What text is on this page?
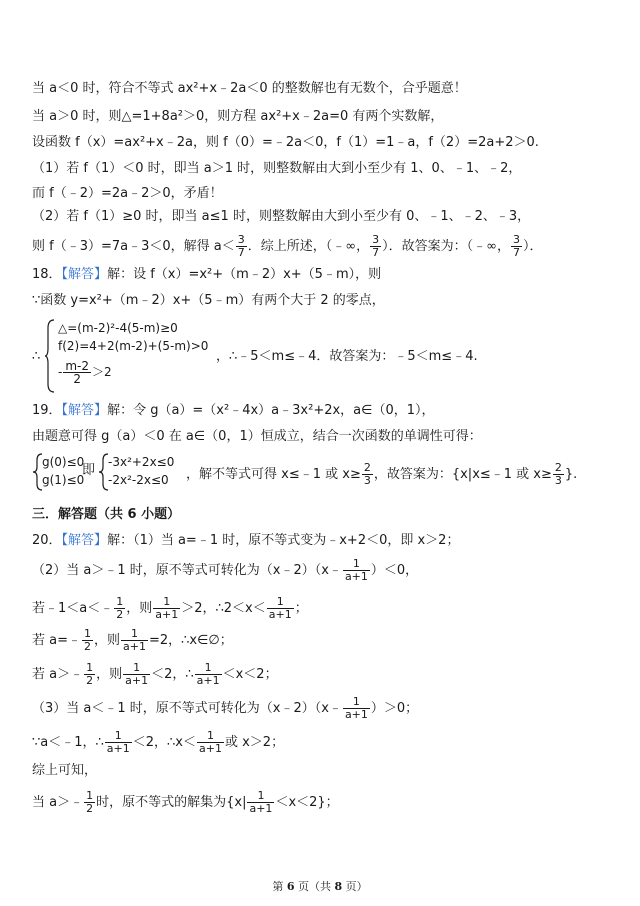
当 a＜0 时，符合不等式 ax²+x﹣2a＜0 的整数解也有无数个，合乎题意！
当 a＞0 时，则△=1+8a²＞0，则方程 ax²+x﹣2a=0 有两个实数解，
设函数 f（x）=ax²+x﹣2a，则 f（0）=﹣2a＜0，f（1）=1﹣a，f（2）=2a+2＞0.
（1）若 f（1）＜0 时，即当 a＞1 时，则整数解由大到小至少有 1、0、﹣1、﹣2，
而 f（﹣2）=2a﹣2＞0，矛盾！
（2）若 f（1）≥0 时，即当 a≤1 时，则整数解由大到小至少有 0、﹣1、﹣2、﹣3，
则 f（﹣3）=7a﹣3＜0，解得 $a< \frac{3}{7}$ ．综上所述，（﹣∞， $\frac{3}{7}$ ）．故答案为：（﹣∞， $\frac{3}{7}$ ）．
18．【解答】解：设 f（x）=x²+（m﹣2）x+（5﹣m），则
∵函数 y=x²+（m﹣2）x+（5﹣m）有两个大于 2 的零点，
∴
△=(m-2)²-4(5-m)≥0
f(2)=4+2(m-2)+(5-m)>0
- $\frac{m-2}{2} >2$
，∴﹣5＜m≤﹣4．故答案为：﹣5＜m≤﹣4.
19．【解答】解：令 g（a）=（x²﹣4x）a﹣3x²+2x，a∈（0，1），
由题意可得 g（a）＜0 在 a∈（0，1）恒成立，结合一次函数的单调性可得：
g(0)≤0
g(1)≤0
即
-3x²+2x≤0
-2x²-2x≤0 ，解不等式可得 x≤﹣1 或 $x\ge \frac{2}{3}$ ，故答案为：{x|x≤﹣1 或 $x\ge \frac{2}{3}$ }.
三．解答题（共 6 小题）
20．【解答】解：（1）当 a=﹣1 时，原不等式变为﹣x+2＜0，即 x＞2；
（2）当 a＞﹣1 时，原不等式可转化为（x﹣2）（x﹣ $\frac{1}{a+1} )<0$，
若﹣1＜a＜﹣ $\frac{1}{2}$ ，则 $\frac{1}{a+1} >2$，∴2＜x＜ $\frac{1}{a+1}$ ；
若 a=﹣ $\frac{1}{2}$ ，则 $\frac{1}{a+1} =2$，∴x∈∅；
若 a＞﹣ $\frac{1}{2}$ ，则 $\frac{1}{a+1} <2$，∴ $\frac{1}{a+1} <x<2$；
（3）当 a＜﹣1 时，原不等式可转化为（x﹣2）（x﹣ $\frac{1}{a+1} )>0$；
∵a＜﹣1，∴ $\frac{1}{a+1} <2$，∴x＜ $\frac{1}{a+1}$ 或 x＞2；
综上可知，
当 a＞﹣ $\frac{1}{2}$ 时，原不等式的解集为$\{x| \frac{1}{a+1} <x<2\}$；
第 6 页（共 8 页）
